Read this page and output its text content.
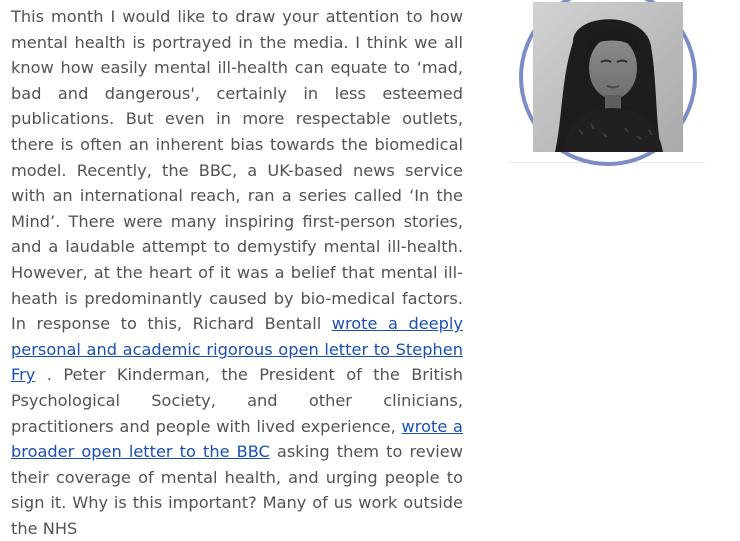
This month I would like to draw your attention to how mental health is portrayed in the media. I think we all know how easily mental ill-health can equate to ‘mad, bad and dangerous', certainly in less esteemed publications. But even in more respectable outlets, there is often an inherent bias towards the biomedical model. Recently, the BBC, a UK-based news service with an international reach, ran a series called ‘In the Mind’. There were many inspiring first-person stories, and a laudable attempt to demystify mental ill-health. However, at the heart of it was a belief that mental ill-heath is predominantly caused by bio-medical factors. In response to this, Richard Bentall wrote a deeply personal and academic rigorous open letter to Stephen Fry . Peter Kinderman, the President of the British Psychological Society, and other clinicians, practitioners and people with lived experience, wrote a broader open letter to the BBC asking them to review their coverage of mental health, and urging people to sign it. Why is this important? Many of us work outside the NHS
